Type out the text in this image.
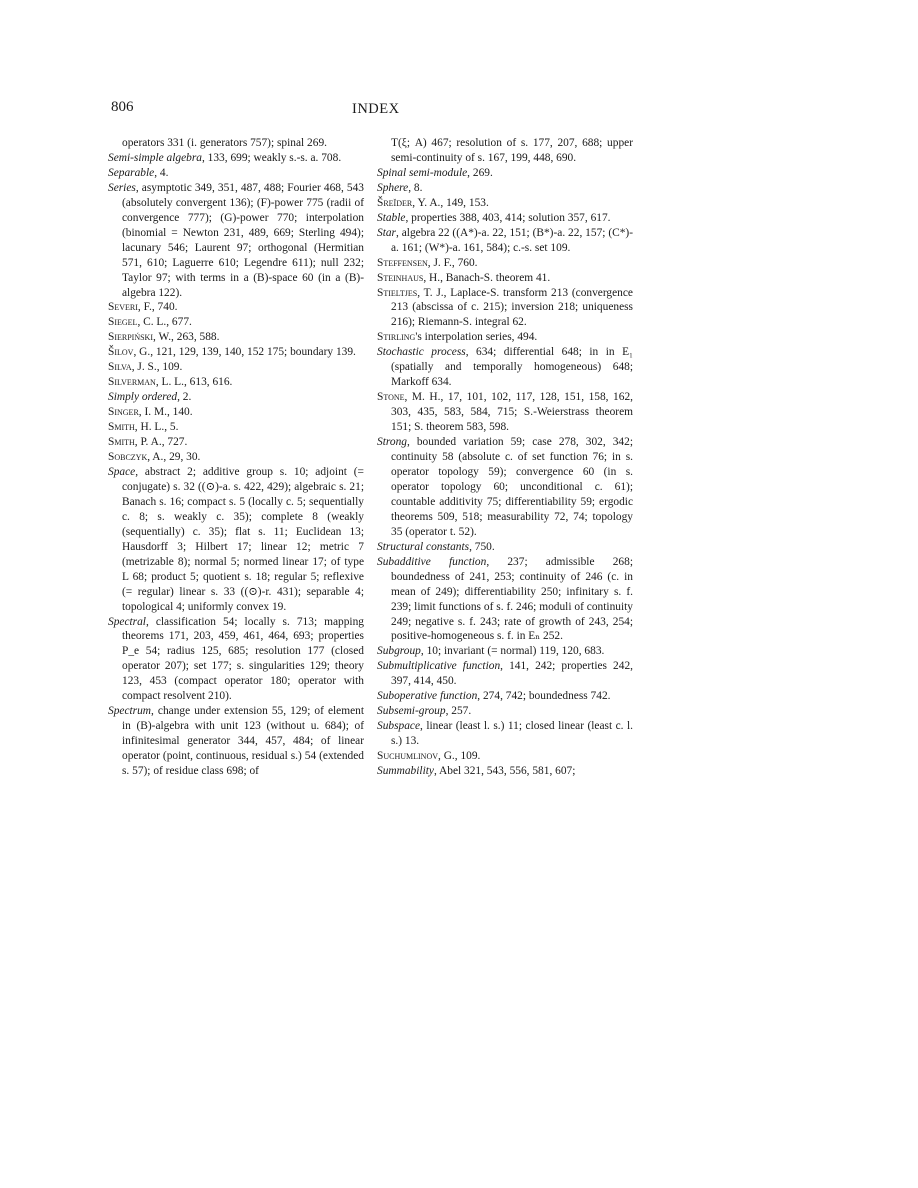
806	INDEX

operators 331 (i. generators 757); spinal 269.

Semi-simple algebra, 133, 699; weakly s.-s. a. 708.

Separable, 4.

Series, asymptotic 349, 351, 487, 488; Fourier 468, 543 (absolutely convergent 136); (F)-power 775 (radii of convergence 777); (G)-power 770; interpolation (binomial = Newton 231, 489, 669; Sterling 494); lacunary 546; Laurent 97; orthogonal (Hermitian 571, 610; Laguerre 610; Legendre 611); null 232; Taylor 97; with terms in a (B)-space 60 (in a (B)-algebra 122).

Severi, F., 740.

Siegel, C. L., 677.

Sierpiński, W., 263, 588.

Šilov, G., 121, 129, 139, 140, 152 175; boundary 139.

Silva, J. S., 109.

Silverman, L. L., 613, 616.

Simply ordered, 2.

Singer, I. M., 140.

Smith, H. L., 5.

Smith, P. A., 727.

Sobczyk, A., 29, 30.

Space, abstract 2; additive group s. 10; adjoint (= conjugate) s. 32 ((⊙)-a. s. 422, 429); algebraic s. 21; Banach s. 16; compact s. 5 (locally c. 5; sequentially c. 8; s. weakly c. 35); complete 8 (weakly (sequentially) c. 35); flat s. 11; Euclidean 13; Hausdorff 3; Hilbert 17; linear 12; metric 7 (metrizable 8); normal 5; normed linear 17; of type L 68; product 5; quotient s. 18; regular 5; reflexive (= regular) linear s. 33 ((⊙)-r. 431); separable 4; topological 4; uniformly convex 19.

Spectral, classification 54; locally s. 713; mapping theorems 171, 203, 459, 461, 464, 693; properties P_e 54; radius 125, 685; resolution 177 (closed operator 207); set 177; s. singularities 129; theory 123, 453 (compact operator 180; operator with compact resolvent 210).

Spectrum, change under extension 55, 129; of element in (B)-algebra with unit 123 (without u. 684); of infinitesimal generator 344, 457, 484; of linear operator (point, continuous, residual s.) 54 (extended s. 57); of residue class 698; of

T(ξ; A) 467; resolution of s. 177, 207, 688; upper semi-continuity of s. 167, 199, 448, 690.

Spinal semi-module, 269.

Sphere, 8.

Šreĭder, Y. A., 149, 153.

Stable, properties 388, 403, 414; solution 357, 617.

Star, algebra 22 ((A*)-a. 22, 151; (B*)-a. 22, 157; (C*)-a. 161; (W*)-a. 161, 584); c.-s. set 109.

Steffensen, J. F., 760.

Steinhaus, H., Banach-S. theorem 41.

Stieltjes, T. J., Laplace-S. transform 213 (convergence 213 (abscissa of c. 215); inversion 218; uniqueness 216); Riemann-S. integral 62.

Stirling's interpolation series, 494.

Stochastic process, 634; differential 648; in in E₁ (spatially and temporally homogeneous) 648; Markoff 634.

Stone, M. H., 17, 101, 102, 117, 128, 151, 158, 162, 303, 435, 583, 584, 715; S.-Weierstrass theorem 151; S. theorem 583, 598.

Strong, bounded variation 59; case 278, 302, 342; continuity 58 (absolute c. of set function 76; in s. operator topology 59); convergence 60 (in s. operator topology 60; unconditional c. 61); countable additivity 75; differentiability 59; ergodic theorems 509, 518; measurability 72, 74; topology 35 (operator t. 52).

Structural constants, 750.

Subadditive function, 237; admissible 268; boundedness of 241, 253; continuity of 246 (c. in mean of 249); differentiability 250; infinitary s. f. 239; limit functions of s. f. 246; moduli of continuity 249; negative s. f. 243; rate of growth of 243, 254; positive-homogeneous s. f. in Eₙ 252.

Subgroup, 10; invariant (= normal) 119, 120, 683.

Submultiplicative function, 141, 242; properties 242, 397, 414, 450.

Suboperative function, 274, 742; boundedness 742.

Subsemi-group, 257.

Subspace, linear (least l. s.) 11; closed linear (least c. l. s.) 13.

Suchumlinov, G., 109.

Summability, Abel 321, 543, 556, 581, 607;
